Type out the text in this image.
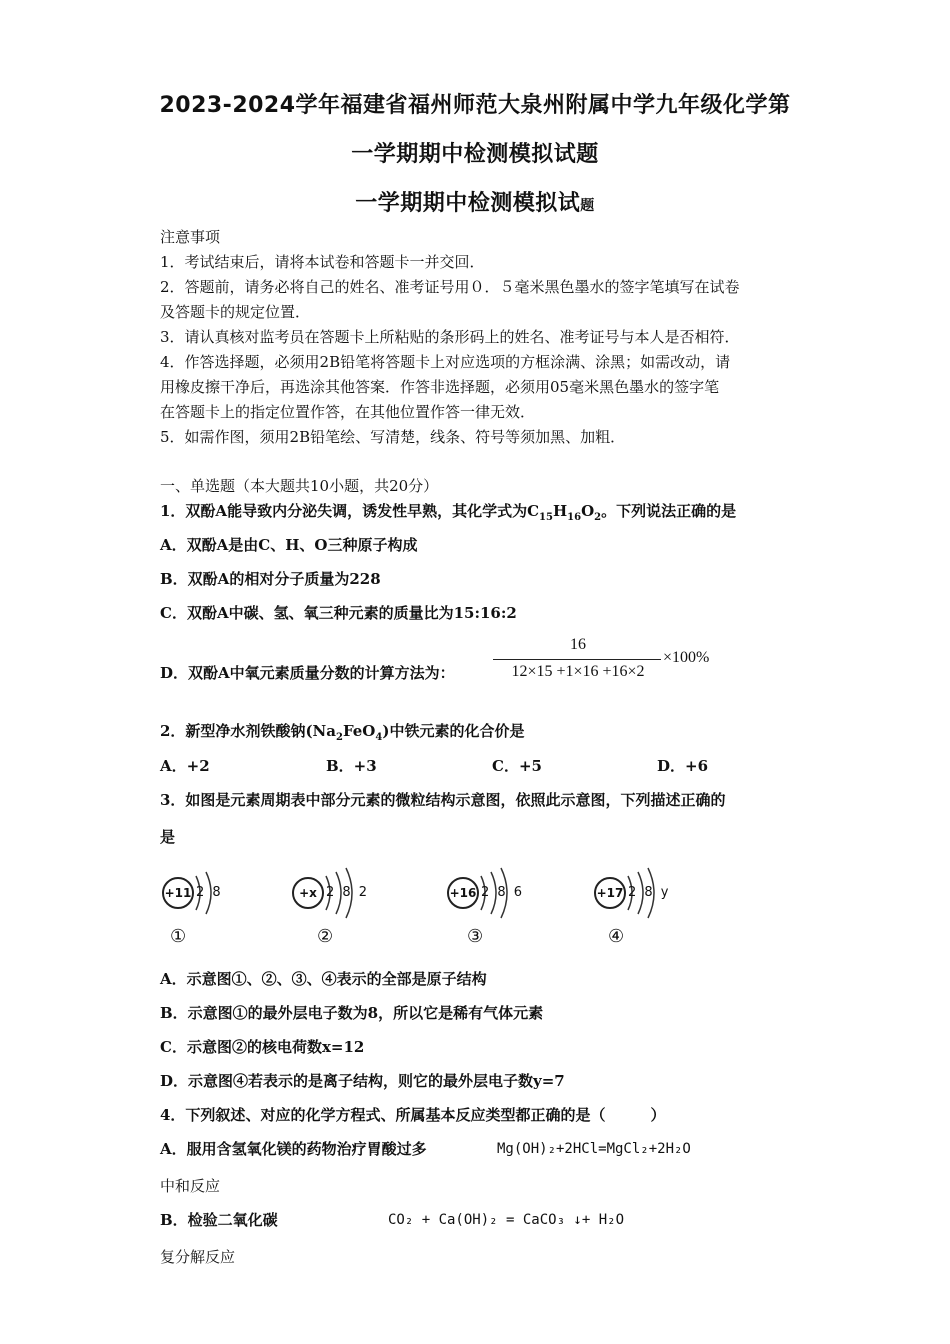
2023-2024学年福建省福州师范大泉州附属中学九年级化学第
一学期期中检测模拟试题
一学期期中检测模拟试题
注意事项
1．考试结束后，请将本试卷和答题卡一并交回．
2．答题前，请务必将自己的姓名、准考证号用０．５毫米黑色墨水的签字笔填写在试卷
及答题卡的规定位置．
3．请认真核对监考员在答题卡上所粘贴的条形码上的姓名、准考证号与本人是否相符．
4．作答选择题，必须用2B铅笔将答题卡上对应选项的方框涂满、涂黑；如需改动，请
用橡皮擦干净后，再选涂其他答案．作答非选择题，必须用05毫米黑色墨水的签字笔
在答题卡上的指定位置作答，在其他位置作答一律无效．
5．如需作图，须用2B铅笔绘、写清楚，线条、符号等须加黑、加粗．
一、单选题（本大题共10小题，共20分）
1．双酚A能导致内分泌失调，诱发性早熟，其化学式为$C_{15}H_{16}O_2$。下列说法正确的是
A．双酚A是由C、H、O三种原子构成
B．双酚A的相对分子质量为228
C．双酚A中碳、氢、氧三种元素的质量比为15:16:2
D．双酚A中氧元素质量分数的计算方法为：
16
12×15 +1×16 +16×2
×100%
2．新型净水剂铁酸钠$(Na_2FeO_4)$中铁元素的化合价是
A．+2	B．+3	C．+5	D．+6
3．如图是元素周期表中部分元素的微粒结构示意图，依照此示意图，下列描述正确的
是
+11 2 8
①
+x 2 8 2
②
+16 2 8 6
③
+17 2 8 y
④
A．示意图①、②、③、④表示的全部是原子结构
B．示意图①的最外层电子数为8，所以它是稀有气体元素
C．示意图②的核电荷数x=12
D．示意图④若表示的是离子结构，则它的最外层电子数y=7
4．下列叙述、对应的化学方程式、所属基本反应类型都正确的是（　　　）
A．服用含氢氧化镁的药物治疗胃酸过多	Mg(OH)₂+2HCl=MgCl₂+2H₂O
中和反应
B．检验二氧化碳	CO₂ + Ca(OH)₂ = CaCO₃ ↓+ H₂O
复分解反应
